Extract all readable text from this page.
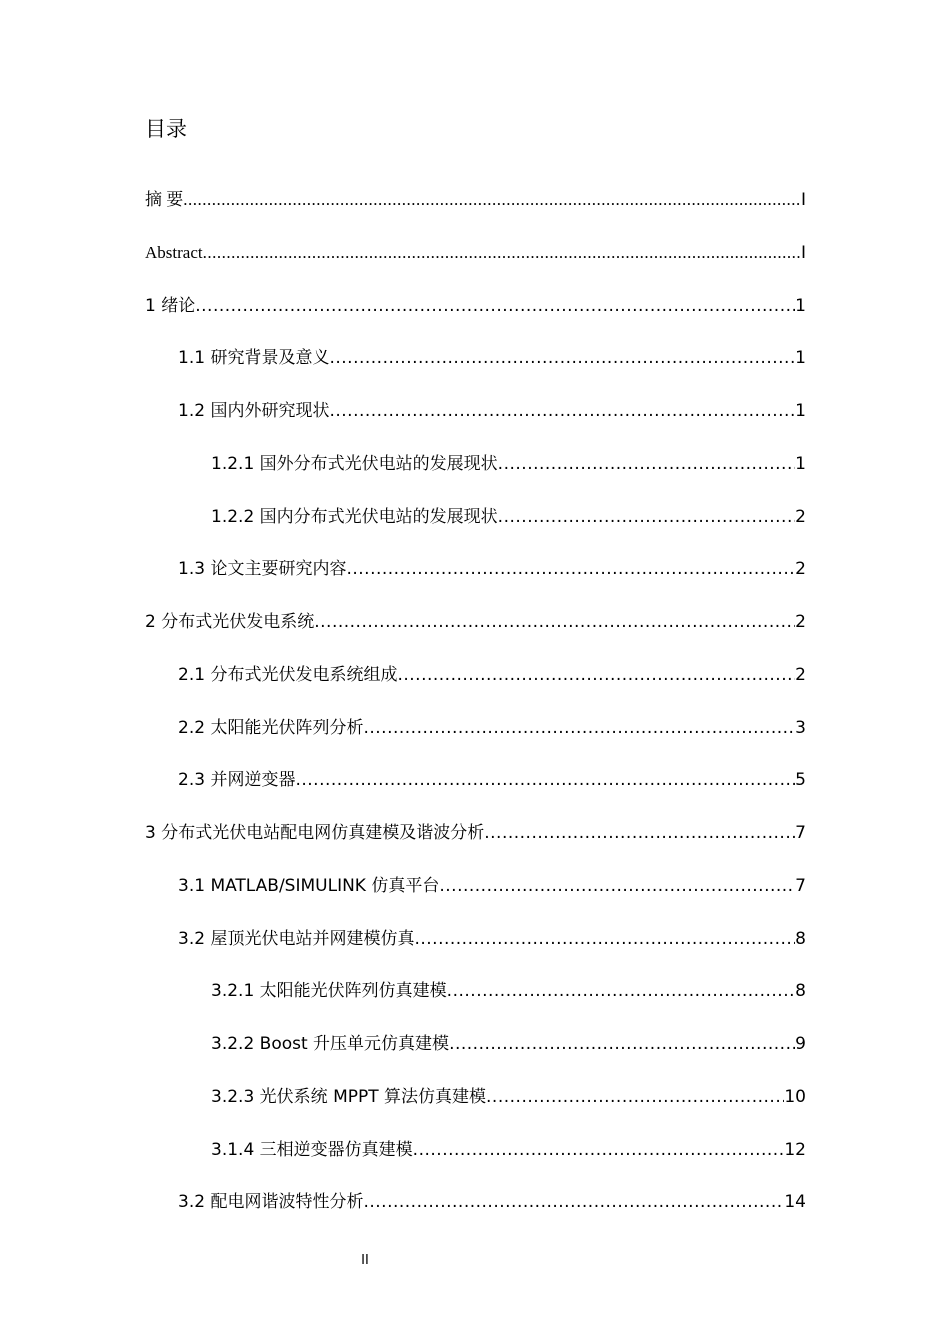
目录
摘 要 .....	I
Abstract .....	I
1 绪论 .....	1
1.1 研究背景及意义 .....	1
1.2 国内外研究现状 .....	1
1.2.1 国外分布式光伏电站的发展现状 .....	1
1.2.2 国内分布式光伏电站的发展现状 .....	2
1.3 论文主要研究内容 .....	2
2 分布式光伏发电系统 .....	2
2.1 分布式光伏发电系统组成 .....	2
2.2 太阳能光伏阵列分析 .....	3
2.3 并网逆变器 .....	5
3 分布式光伏电站配电网仿真建模及谐波分析 .....	7
3.1 MATLAB/SIMULINK 仿真平台 .....	7
3.2 屋顶光伏电站并网建模仿真 .....	8
3.2.1 太阳能光伏阵列仿真建模 .....	8
3.2.2 Boost 升压单元仿真建模 .....	9
3.2.3 光伏系统 MPPT 算法仿真建模 .....	10
3.1.4 三相逆变器仿真建模 .....	12
3.2 配电网谐波特性分析 .....	14
II
